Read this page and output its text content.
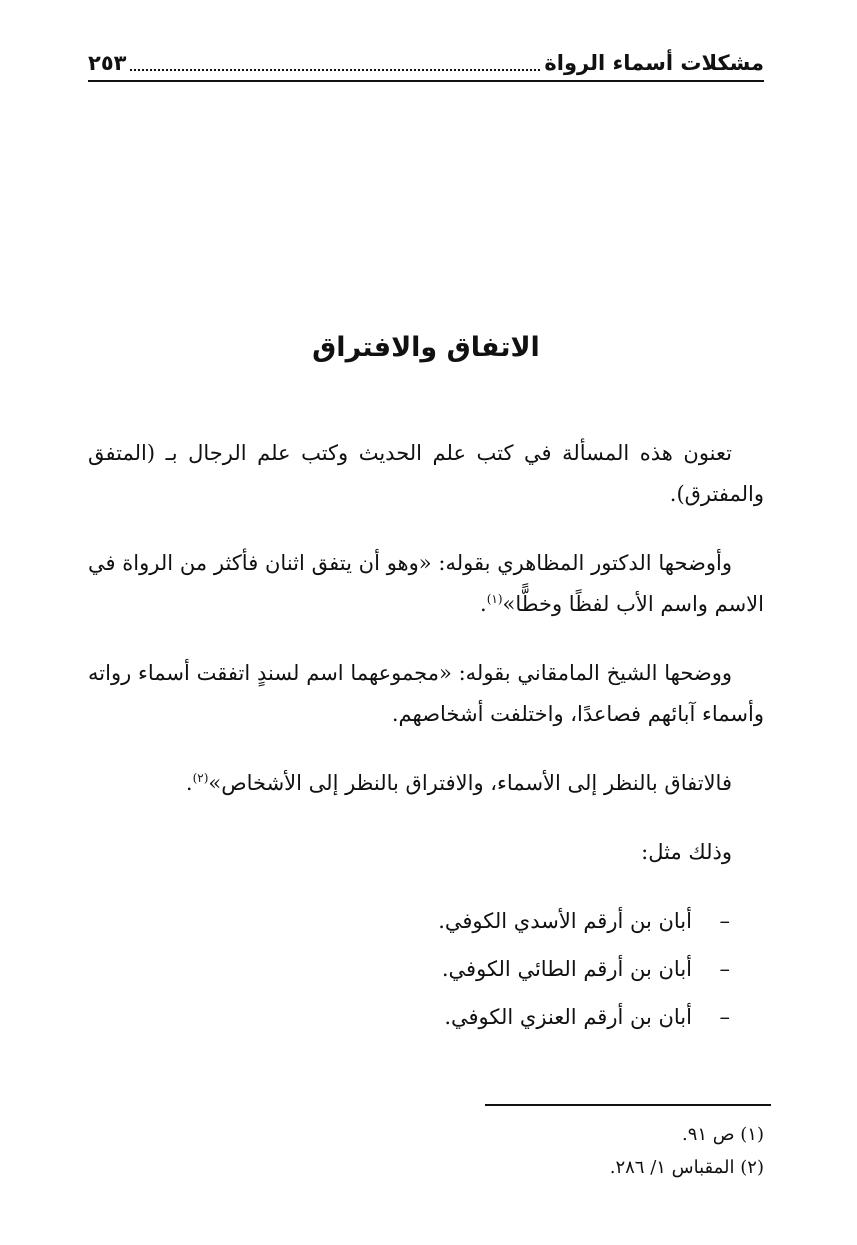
مشكلات أسماء الرواة
٢٥٣
الاتفاق والافتراق

تعنون هذه المسألة في كتب علم الحديث وكتب علم الرجال بـ (المتفق والمفترق).

وأوضحها الدكتور المظاهري بقوله: «وهو أن يتفق اثنان فأكثر من الرواة في الاسم واسم الأب لفظًا وخطًّا»$^{(١)}$.

ووضحها الشيخ المامقاني بقوله: «مجموعهما اسم لسندٍ اتفقت أسماء رواته وأسماء آبائهم فصاعدًا، واختلفت أشخاصهم.

فالاتفاق بالنظر إلى الأسماء، والافتراق بالنظر إلى الأشخاص»$^{(٢)}$.

وذلك مثل:

–أبان بن أرقم الأسدي الكوفي.
–أبان بن أرقم الطائي الكوفي.
–أبان بن أرقم العنزي الكوفي.
(١) ص ٩١.
(٢) المقباس ١/ ٢٨٦.
